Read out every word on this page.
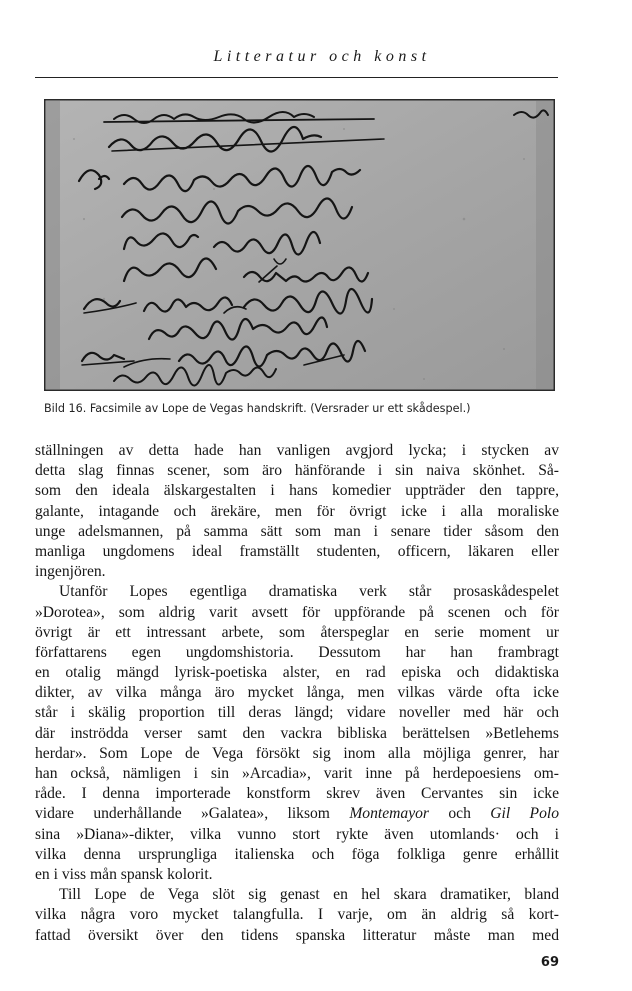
Litteratur och konst
Bild 16. Facsimile av Lope de Vegas handskrift. (Versrader ur ett skådespel.)
ställningen av detta hade han vanligen avgjord lycka; i stycken av
detta slag finnas scener, som äro hänförande i sin naiva skönhet. Så-
som den ideala älskargestalten i hans komedier uppträder den tappre,
galante, intagande och ärekäre, men för övrigt icke i alla moraliske
unge adelsmannen, på samma sätt som man i senare tider såsom den
manliga ungdomens ideal framställt studenten, officern, läkaren eller
ingenjören.
Utanför Lopes egentliga dramatiska verk står prosaskådespelet
»Dorotea», som aldrig varit avsett för uppförande på scenen och för
övrigt är ett intressant arbete, som återspeglar en serie moment ur
författarens egen ungdomshistoria. Dessutom har han frambragt
en otalig mängd lyrisk-poetiska alster, en rad episka och didaktiska
dikter, av vilka många äro mycket långa, men vilkas värde ofta icke
står i skälig proportion till deras längd; vidare noveller med här och
där inströdda verser samt den vackra bibliska berättelsen »Betlehems
herdar». Som Lope de Vega försökt sig inom alla möjliga genrer, har
han också, nämligen i sin »Arcadia», varit inne på herdepoesiens om-
råde. I denna importerade konstform skrev även Cervantes sin icke
vidare underhållande »Galatea», liksom Montemayor och Gil Polo
sina »Diana»-dikter, vilka vunno stort rykte även utomlands· och i
vilka denna ursprungliga italienska och föga folkliga genre erhållit
en i viss mån spansk kolorit.
Till Lope de Vega slöt sig genast en hel skara dramatiker, bland
vilka några voro mycket talangfulla. I varje, om än aldrig så kort-
fattad översikt över den tidens spanska litteratur måste man med
69
